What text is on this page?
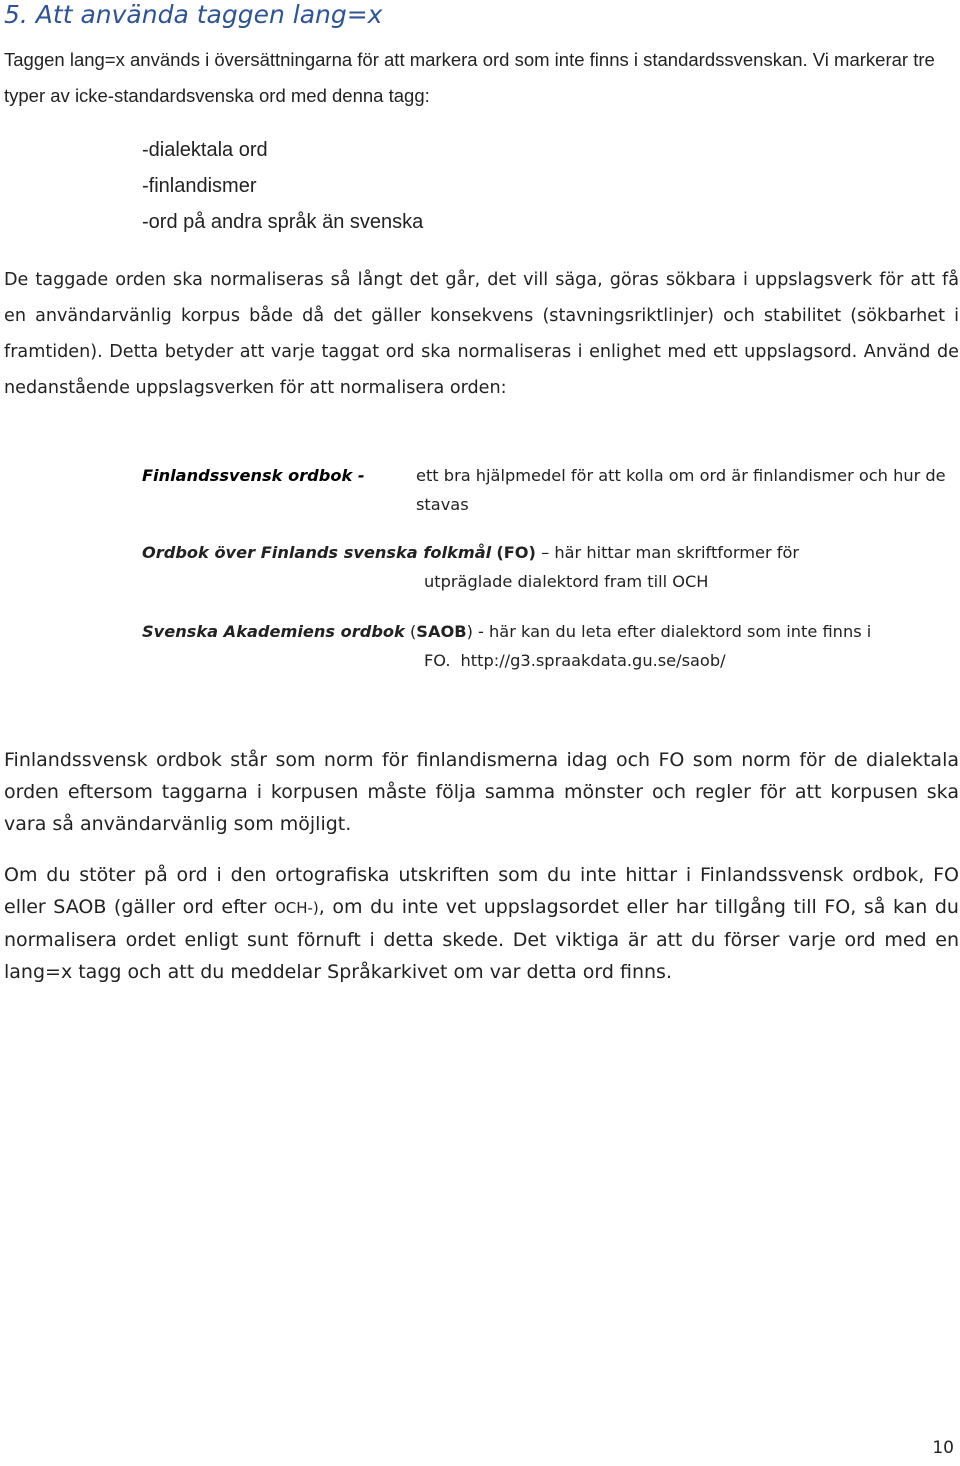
5. Att använda taggen lang=x

Taggen lang=x används i översättningarna för att markera ord som inte finns i standardssvenskan. Vi markerar tre typer av icke-standardsvenska ord med denna tagg:

-dialektala ord
-finlandismer
-ord på andra språk än svenska

De taggade orden ska normaliseras så långt det går, det vill säga, göras sökbara i uppslagsverk för att få en användarvänlig korpus både då det gäller konsekvens (stavningsriktlinjer) och stabilitet (sökbarhet i framtiden). Detta betyder att varje taggat ord ska normaliseras i enlighet med ett uppslagsord. Använd de nedanstående uppslagsverken för att normalisera orden:

Finlandssvensk ordbok -	ett bra hjälpmedel för att kolla om ord är finlandismer och hur de stavas

Ordbok över Finlands svenska folkmål (FO) – här hittar man skriftformer för

utpräglade dialektord fram till OCH

Svenska Akademiens ordbok (SAOB) - här kan du leta efter dialektord som inte finns i

FO. http://g3.spraakdata.gu.se/saob/

Finlandssvensk ordbok står som norm för finlandismerna idag och FO som norm för de dialektala orden eftersom taggarna i korpusen måste följa samma mönster och regler för att korpusen ska vara så användarvänlig som möjligt.

Om du stöter på ord i den ortografiska utskriften som du inte hittar i Finlandssvensk ordbok, FO eller SAOB (gäller ord efter OCH-), om du inte vet uppslagsordet eller har tillgång till FO, så kan du normalisera ordet enligt sunt förnuft i detta skede. Det viktiga är att du förser varje ord med en lang=x tagg och att du meddelar Språkarkivet om var detta ord finns.

10
